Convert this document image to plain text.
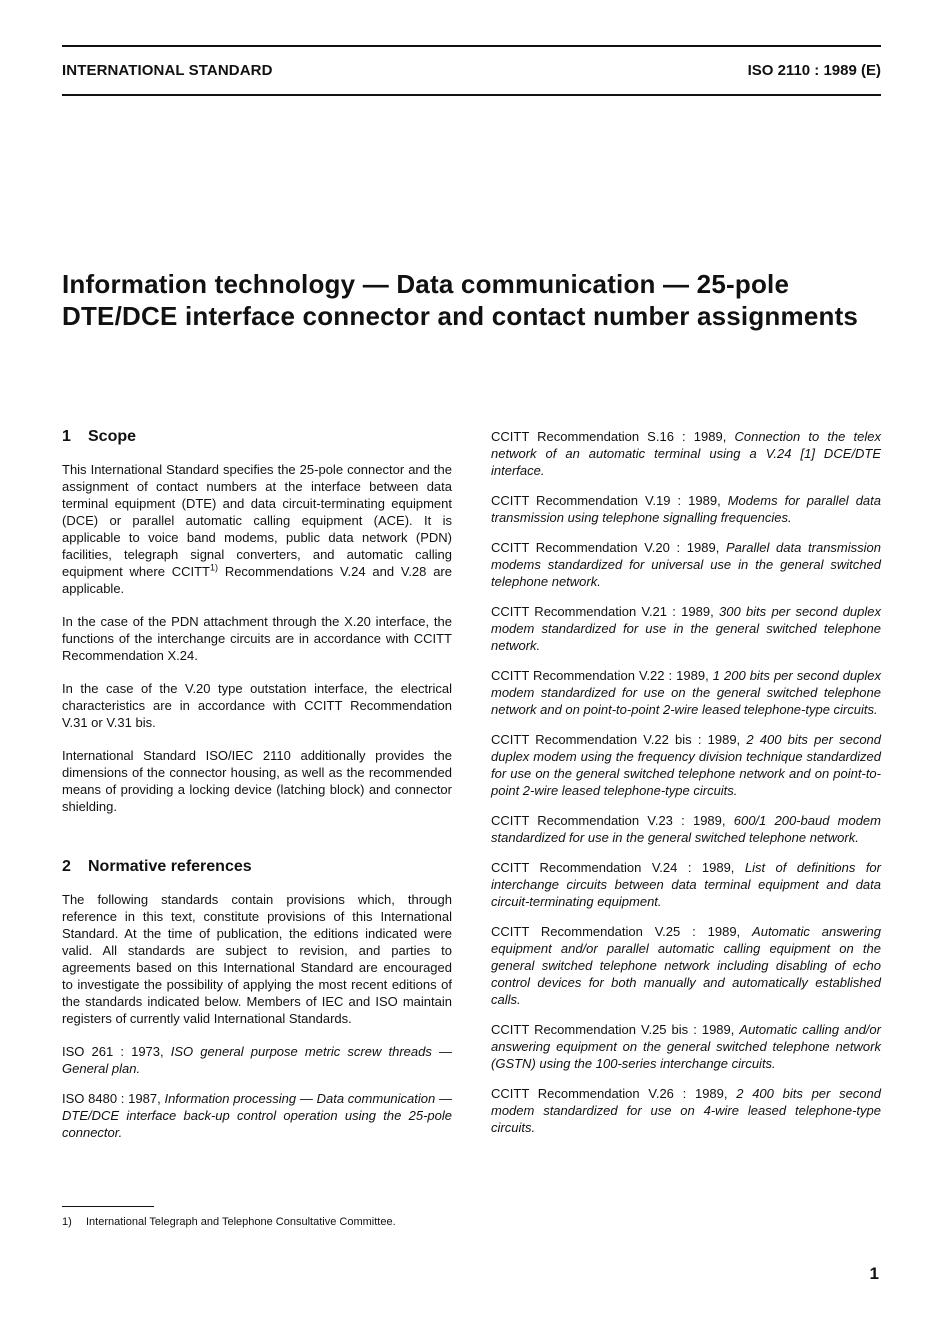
INTERNATIONAL STANDARD	ISO 2110 : 1989 (E)
Information technology — Data communication — 25-pole DTE/DCE interface connector and contact number assignments
1 Scope

This International Standard specifies the 25-pole connector and the assignment of contact numbers at the interface between data terminal equipment (DTE) and data circuit-terminating equipment (DCE) or parallel automatic calling equipment (ACE). It is applicable to voice band modems, public data network (PDN) facilities, telegraph signal converters, and automatic calling equipment where CCITT$^{1)}$ Recommendations V.24 and V.28 are applicable.

In the case of the PDN attachment through the X.20 interface, the functions of the interchange circuits are in accordance with CCITT Recommendation X.24.

In the case of the V.20 type outstation interface, the electrical characteristics are in accordance with CCITT Recommendation V.31 or V.31 bis.

International Standard ISO/IEC 2110 additionally provides the dimensions of the connector housing, as well as the recommended means of providing a locking device (latching block) and connector shielding.

2 Normative references

The following standards contain provisions which, through reference in this text, constitute provisions of this International Standard. At the time of publication, the editions indicated were valid. All standards are subject to revision, and parties to agreements based on this International Standard are encouraged to investigate the possibility of applying the most recent editions of the standards indicated below. Members of IEC and ISO maintain registers of currently valid International Standards.

ISO 261 : 1973, ISO general purpose metric screw threads — General plan.

ISO 8480 : 1987, Information processing — Data communication — DTE/DCE interface back-up control operation using the 25-pole connector.

CCITT Recommendation S.16 : 1989, Connection to the telex network of an automatic terminal using a V.24 [1] DCE/DTE interface.

CCITT Recommendation V.19 : 1989, Modems for parallel data transmission using telephone signalling frequencies.

CCITT Recommendation V.20 : 1989, Parallel data transmission modems standardized for universal use in the general switched telephone network.

CCITT Recommendation V.21 : 1989, 300 bits per second duplex modem standardized for use in the general switched telephone network.

CCITT Recommendation V.22 : 1989, 1 200 bits per second duplex modem standardized for use on the general switched telephone network and on point-to-point 2-wire leased telephone-type circuits.

CCITT Recommendation V.22 bis : 1989, 2 400 bits per second duplex modem using the frequency division technique standardized for use on the general switched telephone network and on point-to-point 2-wire leased telephone-type circuits.

CCITT Recommendation V.23 : 1989, 600/1 200-baud modem standardized for use in the general switched telephone network.

CCITT Recommendation V.24 : 1989, List of definitions for interchange circuits between data terminal equipment and data circuit-terminating equipment.

CCITT Recommendation V.25 : 1989, Automatic answering equipment and/or parallel automatic calling equipment on the general switched telephone network including disabling of echo control devices for both manually and automatically established calls.

CCITT Recommendation V.25 bis : 1989, Automatic calling and/or answering equipment on the general switched telephone network (GSTN) using the 100-series interchange circuits.

CCITT Recommendation V.26 : 1989, 2 400 bits per second modem standardized for use on 4-wire leased telephone-type circuits.

1) International Telegraph and Telephone Consultative Committee.
1
